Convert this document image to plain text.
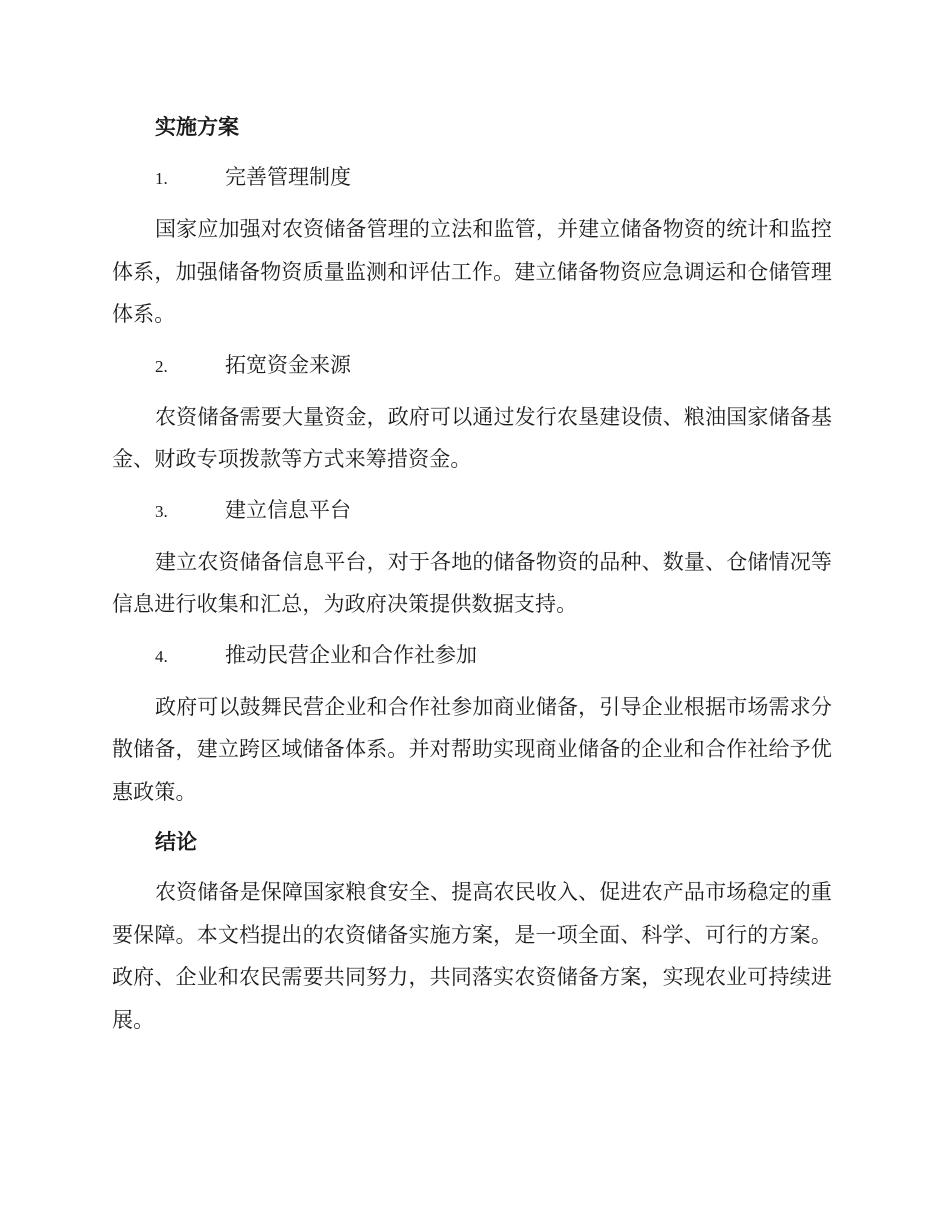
实施方案
1.	完善管理制度
国家应加强对农资储备管理的立法和监管，并建立储备物资的统计和监控体系，加强储备物资质量监测和评估工作。建立储备物资应急调运和仓储管理体系。
2.	拓宽资金来源
农资储备需要大量资金，政府可以通过发行农垦建设债、粮油国家储备基金、财政专项拨款等方式来筹措资金。
3.	建立信息平台
建立农资储备信息平台，对于各地的储备物资的品种、数量、仓储情况等信息进行收集和汇总，为政府决策提供数据支持。
4.	推动民营企业和合作社参加
政府可以鼓舞民营企业和合作社参加商业储备，引导企业根据市场需求分散储备，建立跨区域储备体系。并对帮助实现商业储备的企业和合作社给予优惠政策。
结论
农资储备是保障国家粮食安全、提高农民收入、促进农产品市场稳定的重要保障。本文档提出的农资储备实施方案，是一项全面、科学、可行的方案。政府、企业和农民需要共同努力，共同落实农资储备方案，实现农业可持续进展。
